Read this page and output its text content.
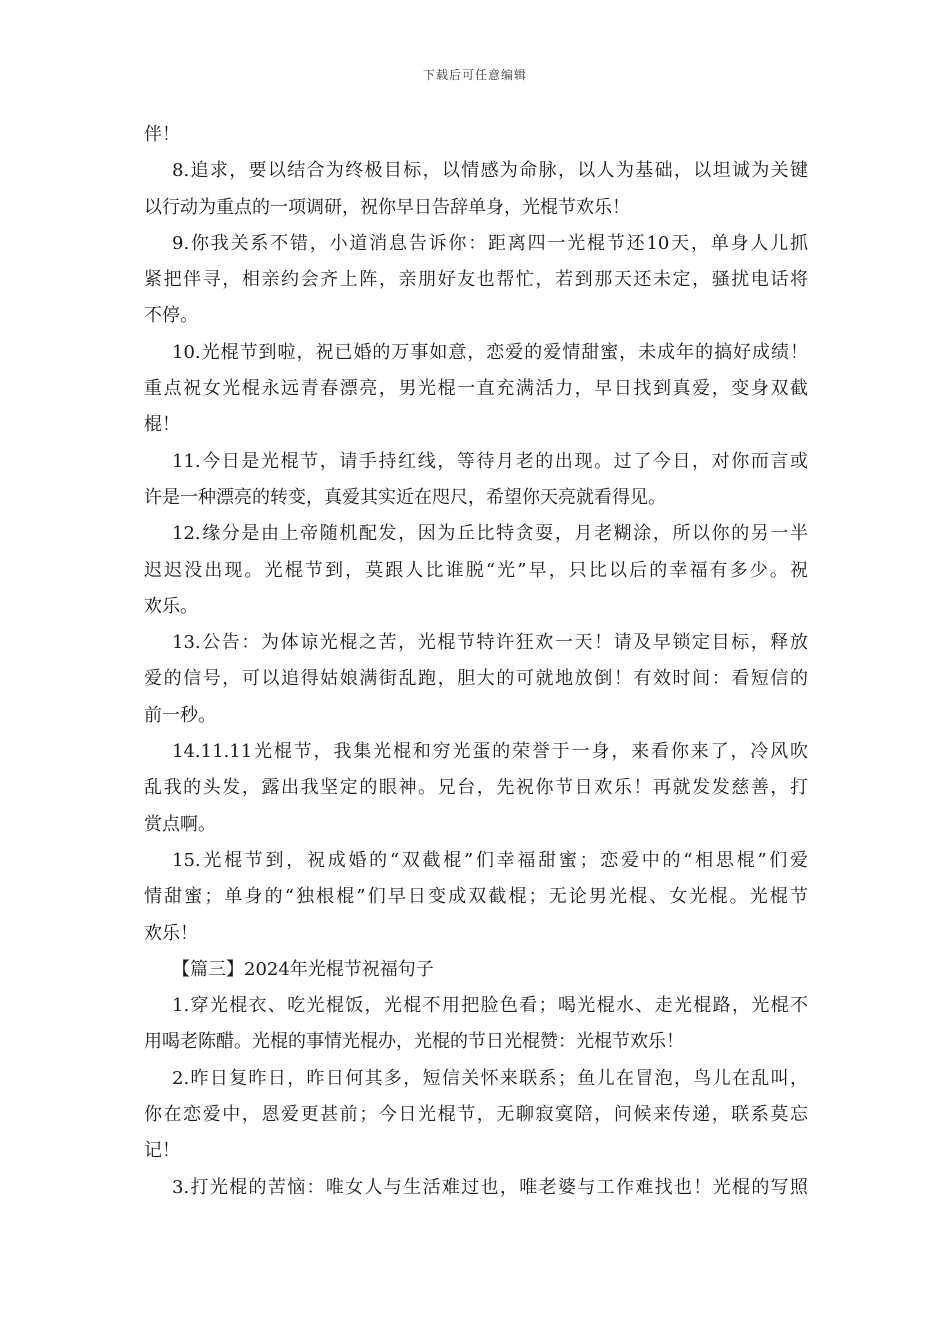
下载后可任意编辑
伴！
8.追求，要以结合为终极目标，以情感为命脉，以人为基础，以坦诚为关键
以行动为重点的一项调研，祝你早日告辞单身，光棍节欢乐！
9.你我关系不错，小道消息告诉你：距离四一光棍节还10天，单身人儿抓
紧把伴寻，相亲约会齐上阵，亲朋好友也帮忙，若到那天还未定，骚扰电话将
不停。
10.光棍节到啦，祝已婚的万事如意，恋爱的爱情甜蜜，未成年的搞好成绩！
重点祝女光棍永远青春漂亮，男光棍一直充满活力，早日找到真爱，变身双截
棍！
11.今日是光棍节，请手持红线，等待月老的出现。过了今日，对你而言或
许是一种漂亮的转变，真爱其实近在咫尺，希望你天亮就看得见。
12.缘分是由上帝随机配发，因为丘比特贪耍，月老糊涂，所以你的另一半
迟迟没出现。光棍节到，莫跟人比谁脱“光”早，只比以后的幸福有多少。祝
欢乐。
13.公告：为体谅光棍之苦，光棍节特许狂欢一天！请及早锁定目标，释放
爱的信号，可以追得姑娘满街乱跑，胆大的可就地放倒！有效时间：看短信的
前一秒。
14.11.11光棍节，我集光棍和穷光蛋的荣誉于一身，来看你来了，冷风吹
乱我的头发，露出我坚定的眼神。兄台，先祝你节日欢乐！再就发发慈善，打
赏点啊。
15.光棍节到，祝成婚的“双截棍”们幸福甜蜜；恋爱中的“相思棍”们爱
情甜蜜；单身的“独根棍”们早日变成双截棍；无论男光棍、女光棍。光棍节
欢乐！
【篇三】2024年光棍节祝福句子
1.穿光棍衣、吃光棍饭，光棍不用把脸色看；喝光棍水、走光棍路，光棍不
用喝老陈醋。光棍的事情光棍办，光棍的节日光棍赞：光棍节欢乐！
2.昨日复昨日，昨日何其多，短信关怀来联系；鱼儿在冒泡，鸟儿在乱叫，
你在恋爱中，恩爱更甚前；今日光棍节，无聊寂寞陪，问候来传递，联系莫忘
记！
3.打光棍的苦恼：唯女人与生活难过也，唯老婆与工作难找也！光棍的写照
